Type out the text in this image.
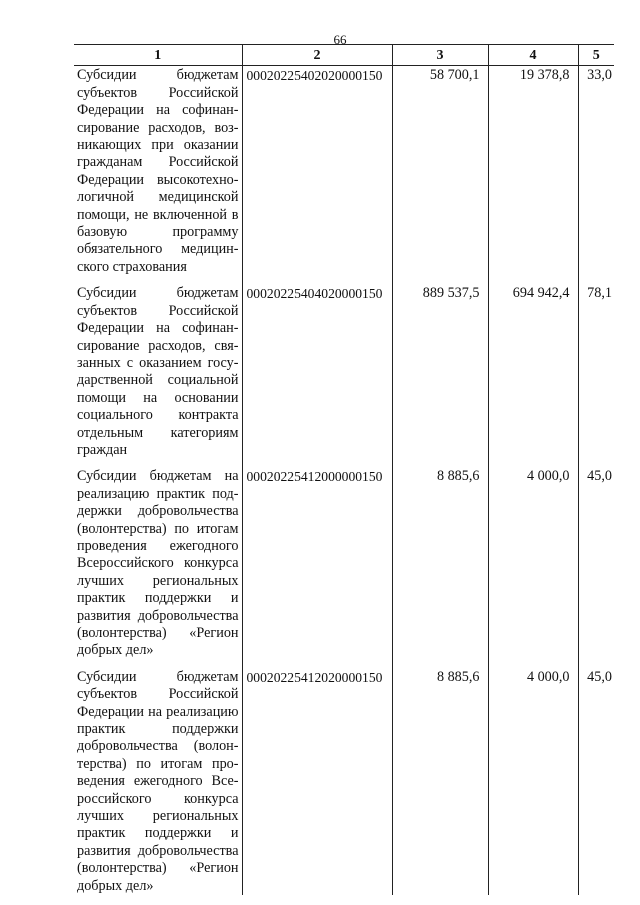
66
1	2	3	4	5
Субсидии бюджетам субъектов Российской Федерации на софинансирование расходов, возникающих при оказании гражданам Российской Федерации высокотехнологичной медицинской помощи, не включенной в базовую программу обязательного медицинского страхования	00020225402020000150	58 700,1	19 378,8	33,0

Субсидии бюджетам субъектов Российской Федерации на софинансирование расходов, связанных с оказанием государственной социальной помощи на основании социального контракта отдельным категориям граждан	00020225404020000150	889 537,5	694 942,4	78,1

Субсидии бюджетам на реализацию практик поддержки добровольчества (волонтерства) по итогам проведения ежегодного Всероссийского конкурса лучших региональных практик поддержки и развития добровольчества (волонтерства) «Регион добрых дел»	00020225412000000150	8 885,6	4 000,0	45,0

Субсидии бюджетам субъектов Российской Федерации на реализацию практик поддержки добровольчества (волонтерства) по итогам проведения ежегодного Всероссийского конкурса лучших региональных практик поддержки и развития добровольчества (волонтерства) «Регион добрых дел»	00020225412020000150	8 885,6	4 000,0	45,0
